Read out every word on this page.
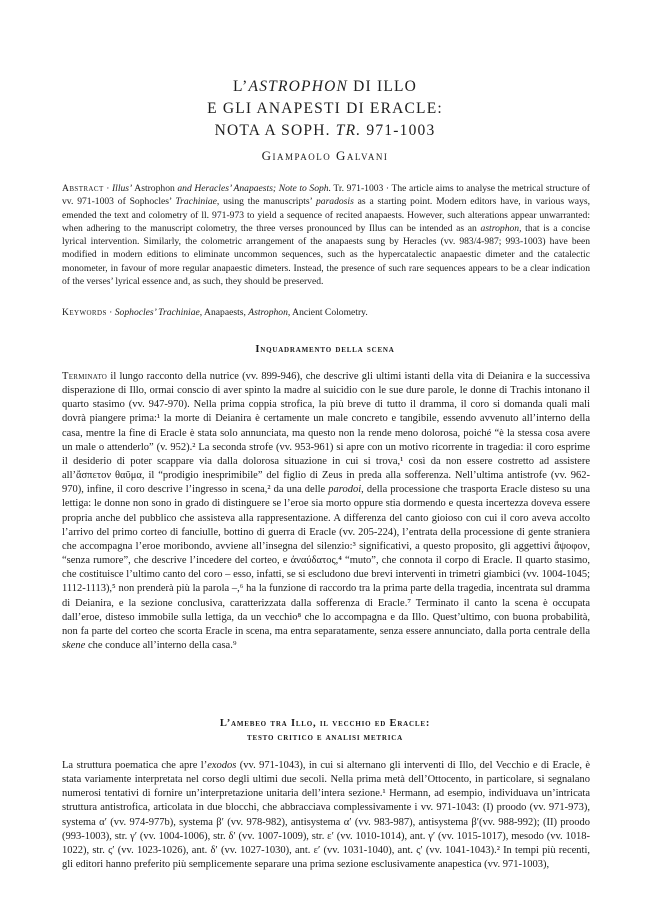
L’ASTROPHON DI ILLO
E GLI ANAPESTI DI ERACLE:
NOTA A SOPH. TR. 971-1003
Giampaolo Galvani

Abstract · Illus’ Astrophon and Heracles’ Anapaests; Note to Soph. Tr. 971-1003 · The article aims to analyse the metrical structure of vv. 971-1003 of Sophocles’ Trachiniae, using the manuscripts’ paradosis as a starting point. Modern editors have, in various ways, emended the text and colometry of ll. 971-973 to yield a sequence of recited anapaests. However, such alterations appear unwarranted: when adhering to the manuscript colometry, the three verses pronounced by Illus can be intended as an astrophon, that is a concise lyrical intervention. Similarly, the colometric arrangement of the anapaests sung by Heracles (vv. 983/4-987; 993-1003) have been modified in modern editions to eliminate uncommon sequences, such as the hypercatalectic anapaestic dimeter and the catalectic monometer, in favour of more regular anapaestic dimeters. Instead, the presence of such rare sequences appears to be a clear indication of the verses’ lyrical essence and, as such, they should be preserved.

Keywords · Sophocles’ Trachiniae, Anapaests, Astrophon, Ancient Colometry.

Inquadramento della scena

Terminato il lungo racconto della nutrice (vv. 899-946), che descrive gli ultimi istanti della vita di Deianira e la successiva disperazione di Illo, ormai conscio di aver spinto la madre al suicidio con le sue dure parole, le donne di Trachis intonano il quarto stasimo (vv. 947-970). Nella prima coppia strofica, la più breve di tutto il dramma, il coro si domanda quali mali dovrà piangere prima:¹ la morte di Deianira è certamente un male concreto e tangibile, essendo avvenuto all’interno della casa, mentre la fine di Eracle è stata solo annunciata, ma questo non la rende meno dolorosa, poiché “è la stessa cosa avere un male o attenderlo” (v. 952).² La seconda strofe (vv. 953-961) si apre con un motivo ricorrente in tragedia: il coro esprime il desiderio di poter scappare via dalla dolorosa situazione in cui si trova,¹ così da non essere costretto ad assistere all’ἄσπετον θαῦμα, il “prodigio inesprimibile” del figlio di Zeus in preda alla sofferenza. Nell’ultima antistrofe (vv. 962-970), infine, il coro descrive l’ingresso in scena,² da una delle parodoi, della processione che trasporta Eracle disteso su una lettiga: le donne non sono in grado di distinguere se l’eroe sia morto oppure stia dormendo e questa incertezza doveva essere propria anche del pubblico che assisteva alla rappresentazione. A differenza del canto gioioso con cui il coro aveva accolto l’arrivo del primo corteo di fanciulle, bottino di guerra di Eracle (vv. 205-224), l’entrata della processione di gente straniera che accompagna l’eroe moribondo, avviene all’insegna del silenzio:³ significativi, a questo proposito, gli aggettivi ἄψοφον, “senza rumore”, che descrive l’incedere del corteo, e ἀναύδατος,⁴ “muto”, che connota il corpo di Eracle. Il quarto stasimo, che costituisce l’ultimo canto del coro – esso, infatti, se si escludono due brevi interventi in trimetri giambici (vv. 1004-1045; 1112-1113),⁵ non prenderà più la parola –,⁶ ha la funzione di raccordo tra la prima parte della tragedia, incentrata sul dramma di Deianira, e la sezione conclusiva, caratterizzata dalla sofferenza di Eracle.⁷ Terminato il canto la scena è occupata dall’eroe, disteso immobile sulla lettiga, da un vecchio⁸ che lo accompagna e da Illo. Quest’ultimo, con buona probabilità, non fa parte del corteo che scorta Eracle in scena, ma entra separatamente, senza essere annunciato, dalla porta centrale della skene che conduce all’interno della casa.⁹

L’amebeo tra Illo, il vecchio ed Eracle:
testo critico e analisi metrica

La struttura poematica che apre l’exodos (vv. 971-1043), in cui si alternano gli interventi di Illo, del Vecchio e di Eracle, è stata variamente interpretata nel corso degli ultimi due secoli. Nella prima metà dell’Ottocento, in particolare, si segnalano numerosi tentativi di fornire un’interpretazione unitaria dell’intera sezione.¹ Hermann, ad esempio, individuava un’intricata struttura antistrofica, articolata in due blocchi, che abbracciava complessivamente i vv. 971-1043: (I) proodo (vv. 971-973), systema α′ (vv. 974-977b), systema β′ (vv. 978-982), antisystema α′ (vv. 983-987), antisystema β′(vv. 988-992); (II) proodo (993-1003), str. γ′ (vv. 1004-1006), str. δ′ (vv. 1007-1009), str. ε′ (vv. 1010-1014), ant. γ′ (vv. 1015-1017), mesodo (vv. 1018-1022), str. ς′ (vv. 1023-1026), ant. δ′ (vv. 1027-1030), ant. ε′ (vv. 1031-1040), ant. ς′ (vv. 1041-1043).² In tempi più recenti, gli editori hanno preferito più semplicemente separare una prima sezione esclusivamente anapestica (vv. 971-1003),
